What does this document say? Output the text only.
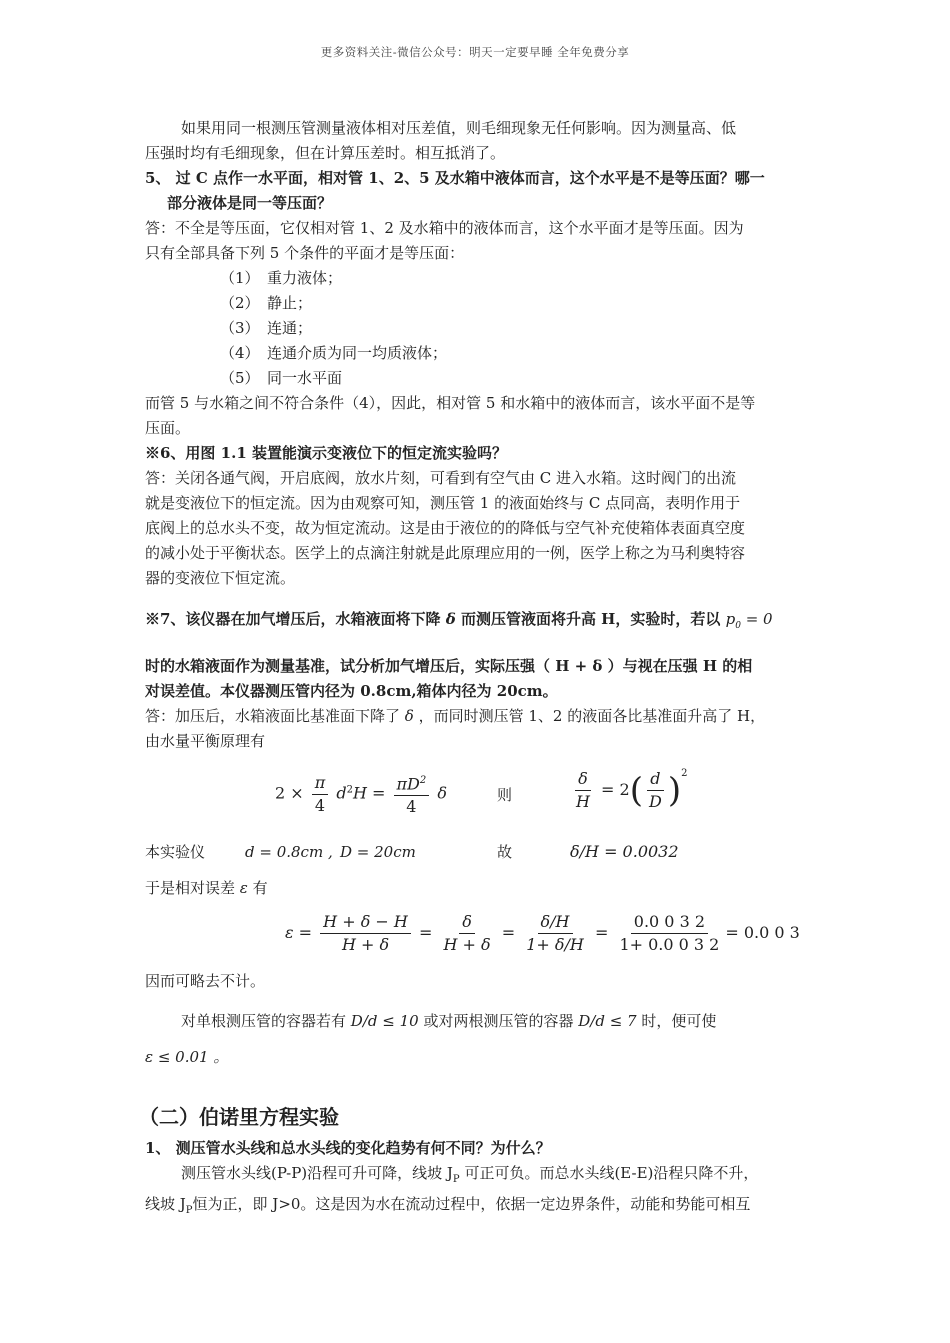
更多资料关注-微信公众号：明天一定要早睡 全年免费分享
如果用同一根测压管测量液体相对压差值，则毛细现象无任何影响。因为测量高、低
压强时均有毛细现象，但在计算压差时。相互抵消了。
5、 过 C 点作一水平面，相对管 1、2、5 及水箱中液体而言，这个水平是不是等压面？哪一
部分液体是同一等压面？
答：不全是等压面，它仅相对管 1、2 及水箱中的液体而言，这个水平面才是等压面。因为
只有全部具备下列 5 个条件的平面才是等压面：
（1） 重力液体；
（2） 静止；
（3） 连通；
（4） 连通介质为同一均质液体；
（5） 同一水平面
而管 5 与水箱之间不符合条件（4），因此，相对管 5 和水箱中的液体而言，该水平面不是等
压面。
※6、用图 1.1 装置能演示变液位下的恒定流实验吗？
答：关闭各通气阀，开启底阀，放水片刻，可看到有空气由 C 进入水箱。这时阀门的出流
就是变液位下的恒定流。因为由观察可知，测压管 1 的液面始终与 C 点同高，表明作用于
底阀上的总水头不变，故为恒定流动。这是由于液位的的降低与空气补充使箱体表面真空度
的减小处于平衡状态。医学上的点滴注射就是此原理应用的一例，医学上称之为马利奥特容
器的变液位下恒定流。
※7、该仪器在加气增压后，水箱液面将下降 δ 而测压管液面将升高 H，实验时，若以 $p_0 = 0$
时的水箱液面作为测量基准，试分析加气增压后，实际压强（ H + δ ）与视在压强 H 的相
对误差值。本仪器测压管内径为 0.8cm,箱体内径为 20cm。
答：加压后，水箱液面比基准面下降了 δ ，而同时测压管 1、2 的液面各比基准面升高了 H，
由水量平衡原理有
$2 \times \frac{\pi}{4} d^2H = \frac{\pi D^2}{4}$ δ	则	$\frac{\delta}{H} = 2( \frac{d}{D} )^2$
本实验仪	d = 0.8cm , D = 20cm	故	δ/H = 0.0032
于是相对误差 ε 有
$\varepsilon = \frac{H + \delta - H}{H + \delta} = \frac{\delta}{H + \delta} = \frac{\delta/H}{1+ \delta/H} = \frac{0.0 0 3 2}{1+ 0.0 0 3 2} = 0.0$ 0 3
因而可略去不计。
对单根测压管的容器若有 D/d ≤ 10 或对两根测压管的容器 D/d ≤ 7 时，便可使
ε ≤ 0.01 。
（二）伯诺里方程实验
1、 测压管水头线和总水头线的变化趋势有何不同？为什么？
测压管水头线(P-P)沿程可升可降，线坡 $J_P$ 可正可负。而总水头线(E-E)沿程只降不升，
线坡 $J_P$恒为正，即 J>0。这是因为水在流动过程中，依据一定边界条件，动能和势能可相互
